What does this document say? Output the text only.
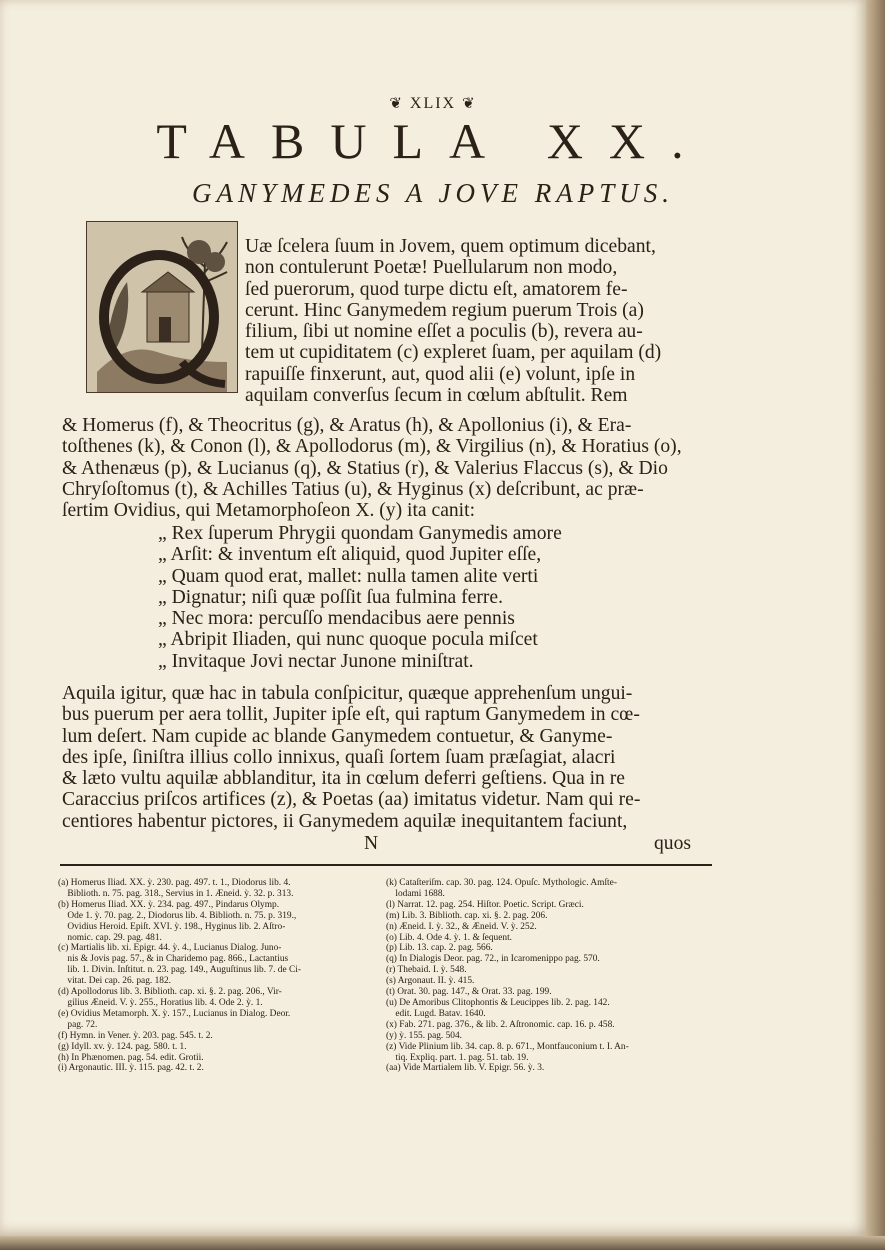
❦ XLIX ❦
TABULA XX.
GANYMEDES A JOVE RAPTUS.
Uæ ſcelera ſuum in Jovem, quem optimum dicebant,
non contulerunt Poetæ! Puellularum non modo,
ſed puerorum, quod turpe dictu eſt, amatorem fe-
cerunt. Hinc Ganymedem regium puerum Trois (a)
filium, ſibi ut nomine eſſet a poculis (b), revera au-
tem ut cupiditatem (c) expleret ſuam, per aquilam (d)
rapuiſſe finxerunt, aut, quod alii (e) volunt, ipſe in
aquilam converſus ſecum in cœlum abſtulit. Rem
& Homerus (f), & Theocritus (g), & Aratus (h), & Apollonius (i), & Era-
toſthenes (k), & Conon (l), & Apollodorus (m), & Virgilius (n), & Horatius (o),
& Athenæus (p), & Lucianus (q), & Statius (r), & Valerius Flaccus (s), & Dio
Chryſoſtomus (t), & Achilles Tatius (u), & Hyginus (x) deſcribunt, ac præ-
ſertim Ovidius, qui Metamorphoſeon X. (y) ita canit:
„ Rex ſuperum Phrygii quondam Ganymedis amore
„ Arſit: & inventum eſt aliquid, quod Jupiter eſſe,
„ Quam quod erat, mallet: nulla tamen alite verti
„ Dignatur; niſi quæ poſſit ſua fulmina ferre.
„ Nec mora: percuſſo mendacibus aere pennis
„ Abripit Iliaden, qui nunc quoque pocula miſcet
„ Invitaque Jovi nectar Junone miniſtrat.
Aquila igitur, quæ hac in tabula conſpicitur, quæque apprehenſum ungui-
bus puerum per aera tollit, Jupiter ipſe eſt, qui raptum Ganymedem in cœ-
lum deſert. Nam cupide ac blande Ganymedem contuetur, & Ganyme-
des ipſe, ſiniſtra illius collo innixus, quaſi ſortem ſuam præſagiat, alacri
& læto vultu aquilæ abblanditur, ita in cœlum deferri geſtiens. Qua in re
Caraccius priſcos artifices (z), & Poetas (aa) imitatus videtur. Nam qui re-
centiores habentur pictores, ii Ganymedem aquilæ inequitantem faciunt,
N	quos
(a) Homerus Iliad. XX. ỳ. 230. pag. 497. t. 1., Diodorus lib. 4.
Biblioth. n. 75. pag. 318., Servius in 1. Æneid. ỳ. 32. p. 313.
(b) Homerus Iliad. XX. ỳ. 234. pag. 497., Pindarus Olymp.
Ode 1. ỳ. 70. pag. 2., Diodorus lib. 4. Biblioth. n. 75. p. 319.,
Ovidius Heroid. Epiſt. XVI. ỳ. 198., Hyginus lib. 2. Aſtro-
nomic. cap. 29. pag. 481.
(c) Martialis lib. xi. Epigr. 44. ỳ. 4., Lucianus Dialog. Juno-
nis & Jovis pag. 57., & in Charidemo pag. 866., Lactantius
lib. 1. Divin. Inſtitut. n. 23. pag. 149., Auguſtinus lib. 7. de Ci-
vitat. Dei cap. 26. pag. 182.
(d) Apollodorus lib. 3. Biblioth. cap. xi. §. 2. pag. 206., Vir-
gilius Æneid. V. ỳ. 255., Horatius lib. 4. Ode 2. ỳ. 1.
(e) Ovidius Metamorph. X. ỳ. 157., Lucianus in Dialog. Deor.
pag. 72.
(f) Hymn. in Vener. ỳ. 203. pag. 545. t. 2.
(g) Idyll. xv. ỳ. 124. pag. 580. t. 1.
(h) In Phænomen. pag. 54. edit. Grotii.
(i) Argonautic. III. ỳ. 115. pag. 42. t. 2.
(k) Cataſteriſm. cap. 30. pag. 124. Opuſc. Mythologic. Amſte-
lodami 1688.
(l) Narrat. 12. pag. 254. Hiſtor. Poetic. Script. Græci.
(m) Lib. 3. Biblioth. cap. xi. §. 2. pag. 206.
(n) Æneid. I. ỳ. 32., & Æneid. V. ỳ. 252.
(o) Lib. 4. Ode 4. ỳ. 1. & ſequent.
(p) Lib. 13. cap. 2. pag. 566.
(q) In Dialogis Deor. pag. 72., in Icaromenippo pag. 570.
(r) Thebaid. I. ỳ. 548.
(s) Argonaut. II. ỳ. 415.
(t) Orat. 30. pag. 147., & Orat. 33. pag. 199.
(u) De Amoribus Clitophontis & Leucippes lib. 2. pag. 142.
edit. Lugd. Batav. 1640.
(x) Fab. 271. pag. 376., & lib. 2. Aſtronomic. cap. 16. p. 458.
(y) ỳ. 155. pag. 504.
(z) Vide Plinium lib. 34. cap. 8. p. 671., Montfauconium t. I. An-
tiq. Expliq. part. 1. pag. 51. tab. 19.
(aa) Vide Martialem lib. V. Epigr. 56. ỳ. 3.
